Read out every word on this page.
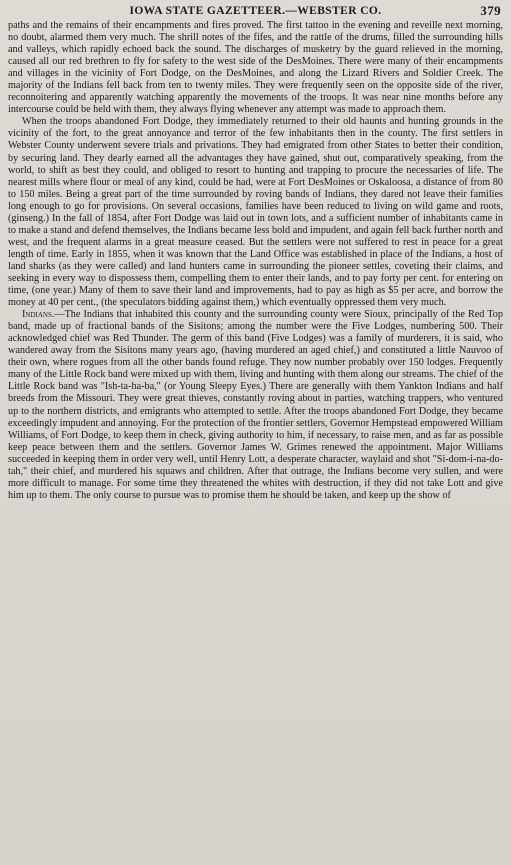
IOWA STATE GAZETTEER.—WEBSTER CO.	379

paths and the remains of their encampments and fires proved. The first tattoo in the evening and reveille next morning, no doubt, alarmed them very much. The shrill notes of the fifes, and the rattle of the drums, filled the surrounding hills and valleys, which rapidly echoed back the sound. The discharges of musketry by the guard relieved in the morning, caused all our red brethren to fly for safety to the west side of the DesMoines. There were many of their encampments and villages in the vicinity of Fort Dodge, on the DesMoines, and along the Lizard Rivers and Soldier Creek. The majority of the Indians fell back from ten to twenty miles. They were frequently seen on the opposite side of the river, reconnoitering and apparently watching apparently the movements of the troops. It was near nine months before any intercourse could be held with them, they always flying whenever any attempt was made to approach them.

When the troops abandoned Fort Dodge, they immediately returned to their old haunts and hunting grounds in the vicinity of the fort, to the great annoyance and terror of the few inhabitants then in the county. The first settlers in Webster County underwent severe trials and privations. They had emigrated from other States to better their condition, by securing land. They dearly earned all the advantages they have gained, shut out, comparatively speaking, from the world, to shift as best they could, and obliged to resort to hunting and trapping to procure the necessaries of life. The nearest mills where flour or meal of any kind, could be had, were at Fort DesMoines or Oskaloosa, a distance of from 80 to 150 miles. Being a great part of the time surrounded by roving bands of Indians, they dared not leave their families long enough to go for provisions. On several occasions, families have been reduced to living on wild game and roots, (ginseng.) In the fall of 1854, after Fort Dodge was laid out in town lots, and a sufficient number of inhabitants came in to make a stand and defend themselves, the Indians became less bold and impudent, and again fell back further north and west, and the frequent alarms in a great measure ceased. But the settlers were not suffered to rest in peace for a great length of time. Early in 1855, when it was known that the Land Office was established in place of the Indians, a host of land sharks (as they were called) and land hunters came in surrounding the pioneer settles, coveting their claims, and seeking in every way to dispossess them, compelling them to enter their lands, and to pay forty per cent. for entering on time, (one year.) Many of them to save their land and improvements, had to pay as high as $5 per acre, and borrow the money at 40 per cent., (the speculators bidding against them,) which eventually oppressed them very much.

Indians.—The Indians that inhabited this county and the surrounding county were Sioux, principally of the Red Top band, made up of fractional bands of the Sisitons; among the number were the Five Lodges, numbering 500. Their acknowledged chief was Red Thunder. The germ of this band (Five Lodges) was a family of murderers, it is said, who wandered away from the Sisitons many years ago, (having murdered an aged chief,) and constituted a little Nauvoo of their own, where rogues from all the other bands found refuge. They now number probably over 150 lodges. Frequently many of the Little Rock band were mixed up with them, living and hunting with them along our streams. The chief of the Little Rock band was "Ish-ta-ha-ba," (or Young Sleepy Eyes.) There are generally with them Yankton Indians and half breeds from the Missouri. They were great thieves, constantly roving about in parties, watching trappers, who ventured up to the northern districts, and emigrants who attempted to settle. After the troops abandoned Fort Dodge, they became exceedingly impudent and annoying. For the protection of the frontier settlers, Governor Hempstead empowered William Williams, of Fort Dodge, to keep them in check, giving authority to him, if necessary, to raise men, and as far as possible keep peace between them and the settlers. Governor James W. Grimes renewed the appointment. Major Williams succeeded in keeping them in order very well, until Henry Lott, a desperate character, waylaid and shot "Si-dom-i-na-do-tah," their chief, and murdered his squaws and children. After that outrage, the Indians become very sullen, and were more difficult to manage. For some time they threatened the whites with destruction, if they did not take Lott and give him up to them. The only course to pursue was to promise them he should be taken, and keep up the show of
